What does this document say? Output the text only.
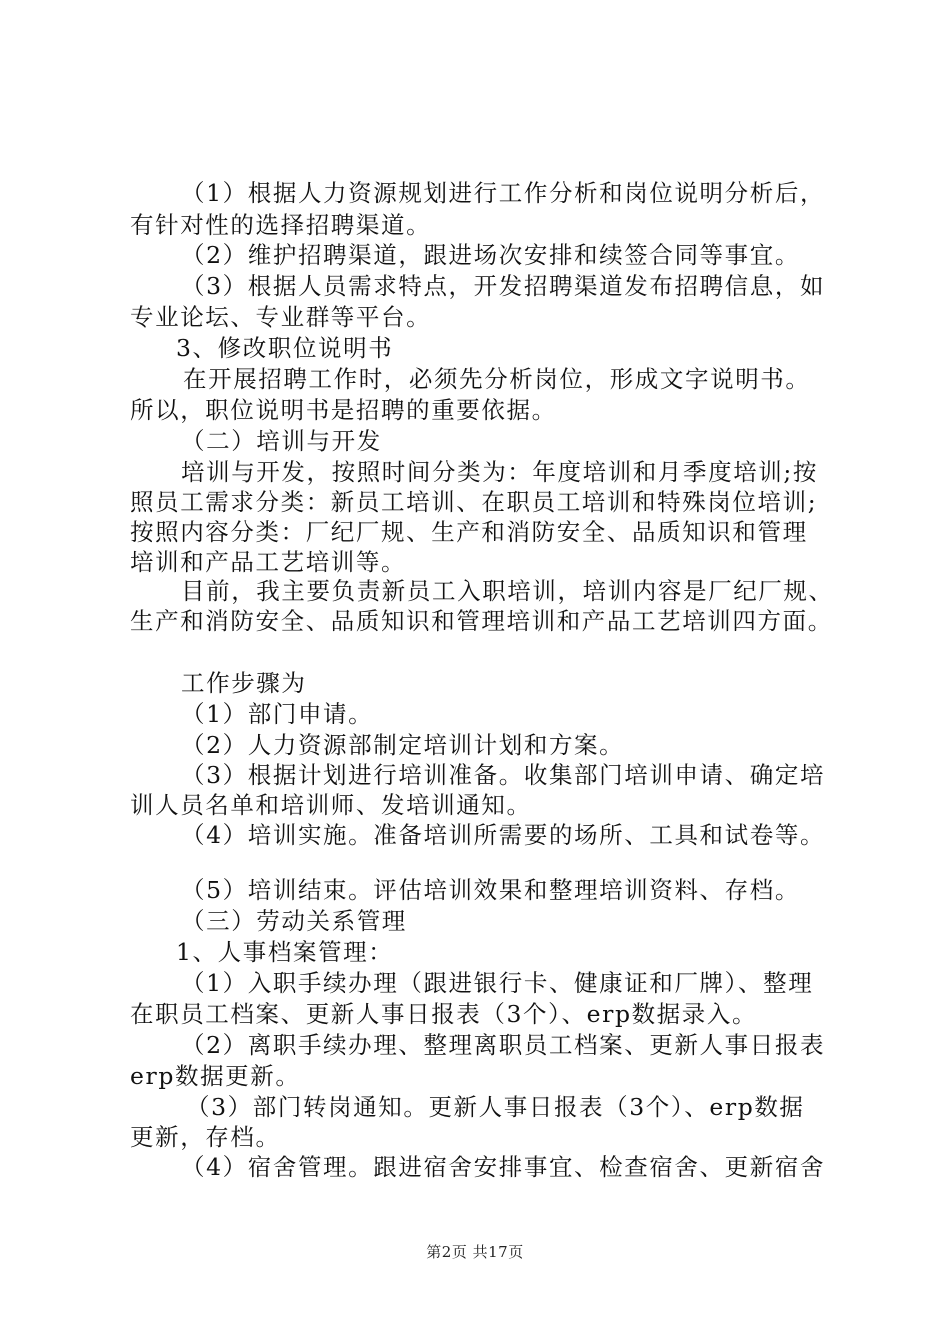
（1）根据人力资源规划进行工作分析和岗位说明分析后，
有针对性的选择招聘渠道。
（2）维护招聘渠道，跟进场次安排和续签合同等事宜。
（3）根据人员需求特点，开发招聘渠道发布招聘信息，如
专业论坛、专业群等平台。
3、修改职位说明书
在开展招聘工作时，必须先分析岗位，形成文字说明书。
所以，职位说明书是招聘的重要依据。
（二）培训与开发
培训与开发，按照时间分类为：年度培训和月季度培训;按
照员工需求分类：新员工培训、在职员工培训和特殊岗位培训;
按照内容分类：厂纪厂规、生产和消防安全、品质知识和管理
培训和产品工艺培训等。
目前，我主要负责新员工入职培训，培训内容是厂纪厂规、
生产和消防安全、品质知识和管理培训和产品工艺培训四方面。
工作步骤为
（1）部门申请。
（2）人力资源部制定培训计划和方案。
（3）根据计划进行培训准备。收集部门培训申请、确定培
训人员名单和培训师、发培训通知。
（4）培训实施。准备培训所需要的场所、工具和试卷等。
（5）培训结束。评估培训效果和整理培训资料、存档。
（三）劳动关系管理
1、人事档案管理：
（1）入职手续办理（跟进银行卡、健康证和厂牌）、整理
在职员工档案、更新人事日报表（3个）、erp数据录入。
（2）离职手续办理、整理离职员工档案、更新人事日报表
erp数据更新。
（3）部门转岗通知。更新人事日报表（3个）、erp数据
更新，存档。
（4）宿舍管理。跟进宿舍安排事宜、检查宿舍、更新宿舍
第2页 共17页
